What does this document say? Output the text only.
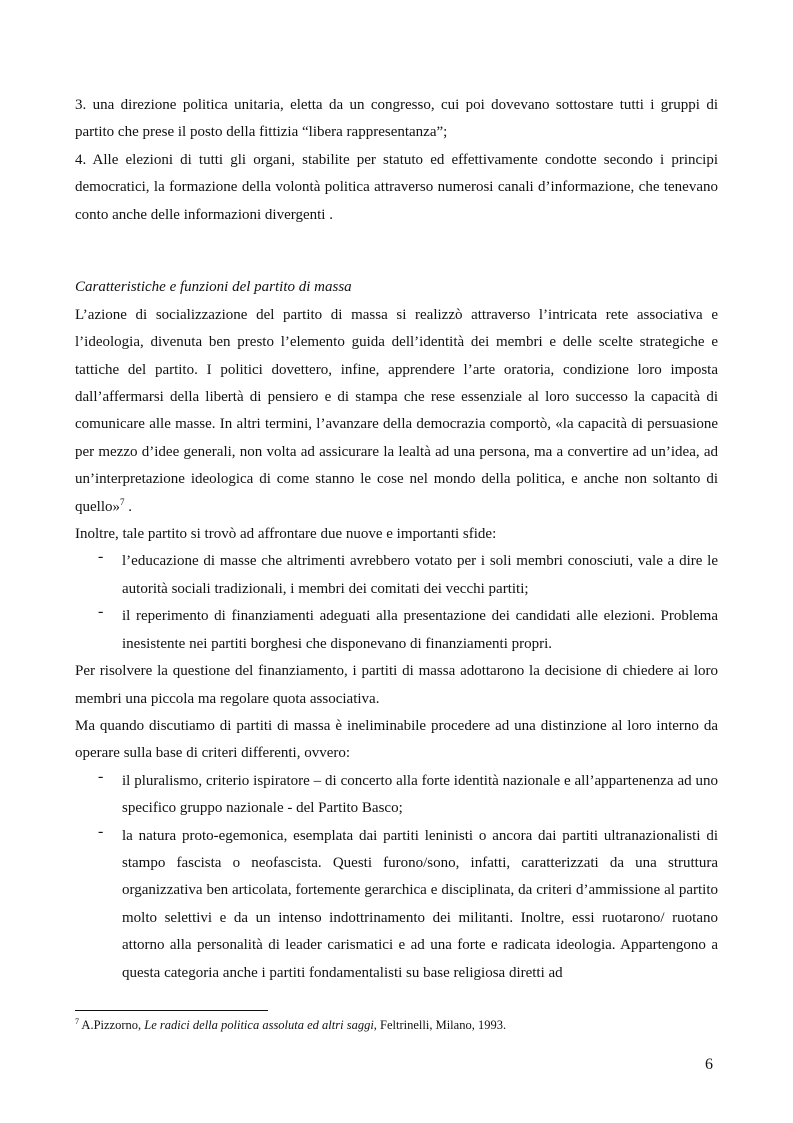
3. una direzione politica unitaria, eletta da un congresso, cui poi dovevano sottostare tutti i gruppi di partito che prese il posto della fittizia “libera rappresentanza”;

4. Alle elezioni di tutti gli organi, stabilite per statuto ed effettivamente condotte secondo i principi democratici, la formazione della volontà politica attraverso numerosi canali d’informazione, che tenevano conto anche delle informazioni divergenti .

Caratteristiche e funzioni del partito di massa

L’azione di socializzazione del partito di massa si realizzò attraverso l’intricata rete associativa e l’ideologia, divenuta ben presto l’elemento guida dell’identità dei membri e delle scelte strategiche e tattiche del partito. I politici dovettero, infine, apprendere l’arte oratoria, condizione loro imposta dall’affermarsi della libertà di pensiero e di stampa che rese essenziale al loro successo la capacità di comunicare alle masse. In altri termini, l’avanzare della democrazia comportò, «la capacità di persuasione per mezzo d’idee generali, non volta ad assicurare la lealtà ad una persona, ma a convertire ad un’idea, ad un’interpretazione ideologica di come stanno le cose nel mondo della politica, e anche non soltanto di quello»$^7$ .

Inoltre, tale partito si trovò ad affrontare due nuove e importanti sfide:

- l’educazione di masse che altrimenti avrebbero votato per i soli membri conosciuti, vale a dire le autorità sociali tradizionali, i membri dei comitati dei vecchi partiti;

- il reperimento di finanziamenti adeguati alla presentazione dei candidati alle elezioni. Problema inesistente nei partiti borghesi che disponevano di finanziamenti propri.

Per risolvere la questione del finanziamento, i partiti di massa adottarono la decisione di chiedere ai loro membri una piccola ma regolare quota associativa.

Ma quando discutiamo di partiti di massa è ineliminabile procedere ad una distinzione al loro interno da operare sulla base di criteri differenti, ovvero:

- il pluralismo, criterio ispiratore – di concerto alla forte identità nazionale e all’appartenenza ad uno specifico gruppo nazionale - del Partito Basco;

- la natura proto-egemonica, esemplata dai partiti leninisti o ancora dai partiti ultranazionalisti di stampo fascista o neofascista. Questi furono/sono, infatti, caratterizzati da una struttura organizzativa ben articolata, fortemente gerarchica e disciplinata, da criteri d’ammissione al partito molto selettivi e da un intenso indottrinamento dei militanti. Inoltre, essi ruotarono/ ruotano attorno alla personalità di leader carismatici e ad una forte e radicata ideologia. Appartengono a questa categoria anche i partiti fondamentalisti su base religiosa diretti ad

$^7$ A.Pizzorno, Le radici della politica assoluta ed altri saggi, Feltrinelli, Milano, 1993.
6
